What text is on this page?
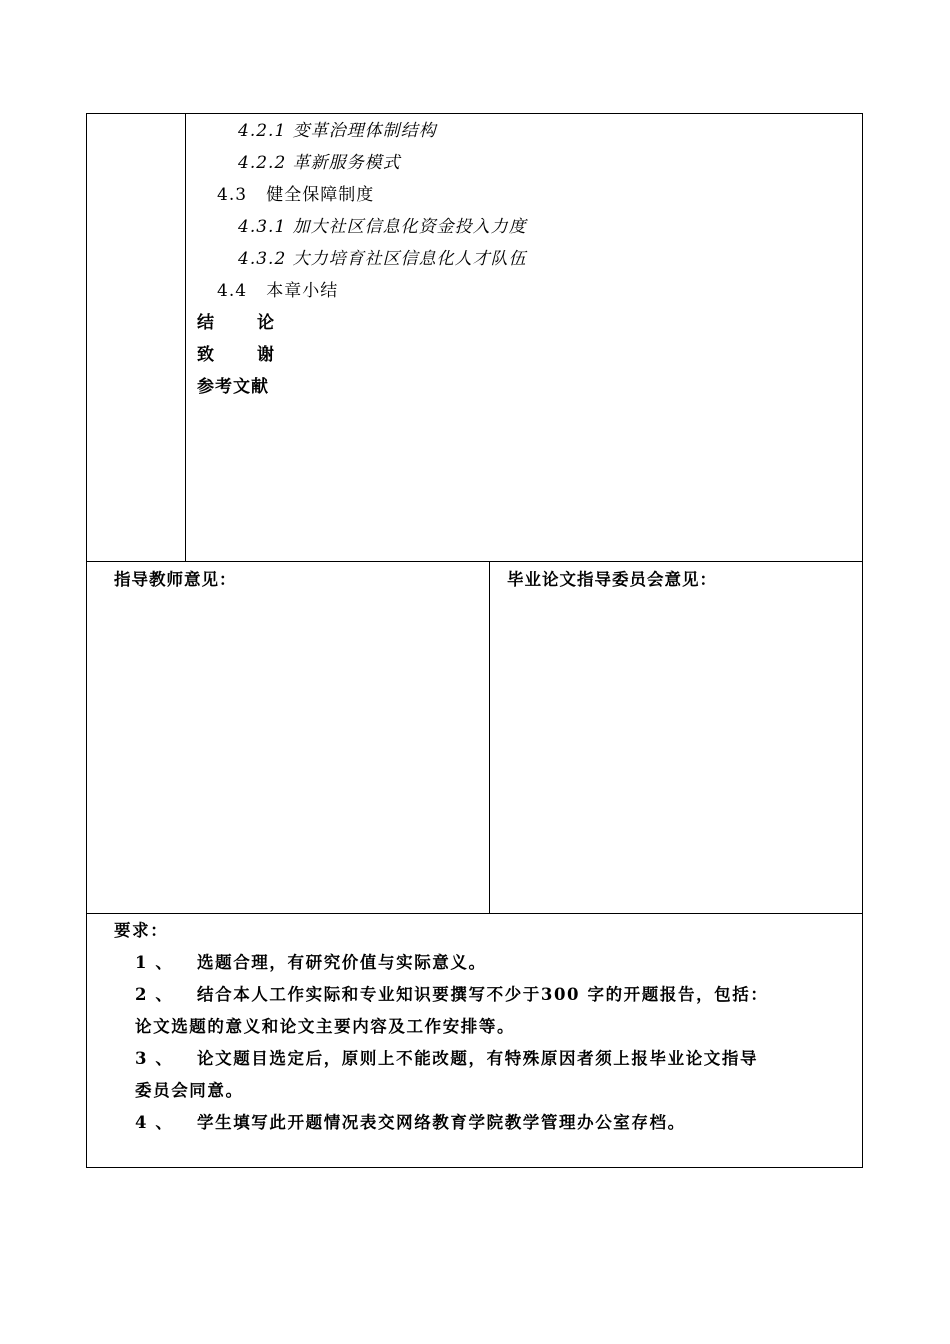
4.2.1 变革治理体制结构
4.2.2 革新服务模式
4.3 健全保障制度
4.3.1 加大社区信息化资金投入力度
4.3.2 大力培育社区信息化人才队伍
4.4 本章小结
结 论
致 谢
参考文献
指导教师意见：	毕业论文指导委员会意见：
要求：
1 、 选题合理，有研究价值与实际意义。
2 、 结合本人工作实际和专业知识要撰写不少于300 字的开题报告，包括：
论文选题的意义和论文主要内容及工作安排等。
3 、 论文题目选定后，原则上不能改题，有特殊原因者须上报毕业论文指导
委员会同意。
4 、 学生填写此开题情况表交网络教育学院教学管理办公室存档。
